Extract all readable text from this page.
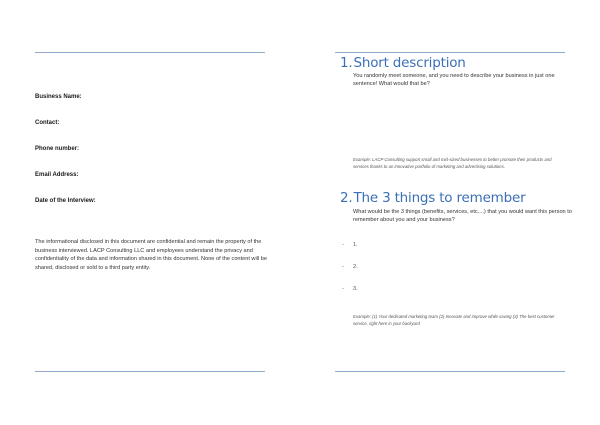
Business Name:
Contact:
Phone number:
Email Address:
Date of the Interview:
The informational disclosed in this document are confidential and remain the property of the business interviewed. LACP Consulting LLC and employees understand the privacy and confidentiality of the data and information shared in this document. None of the content will be shared, disclosed or sold to a third party entity.
1.Short description
You randomly meet someone, and you need to describe your business in just one sentence! What would that be?
Example: LACP Consulting support small and mid-sized businesses to better promote their products and services thanks to an innovative portfolio of marketing and advertising solutions.
2.The 3 things to remember
What would be the 3 things (benefits, services, etc....) that you would want this person to remember about you and your business?
- 1.
- 2.
- 3.
Example: (1) Your dedicated marketing team (2) Innovate and improve while saving (3) The best customer service, right here in your backyard
